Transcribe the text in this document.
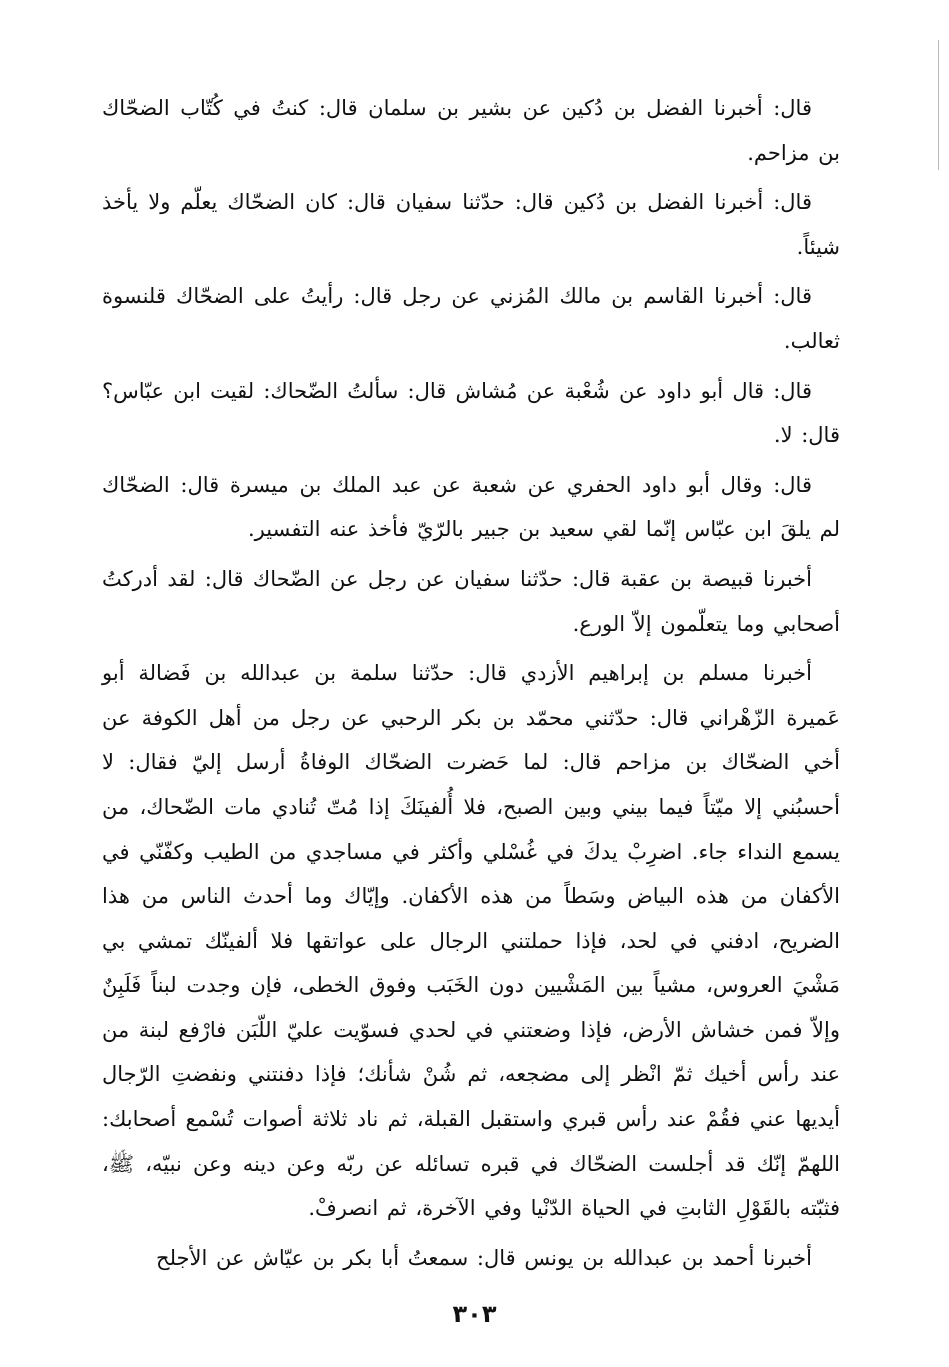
قال: أخبرنا الفضل بن دُكين عن بشير بن سلمان قال: كنتُ في كُتّاب الضحّاك بن مزاحم.

قال: أخبرنا الفضل بن دُكين قال: حدّثنا سفيان قال: كان الضحّاك يعلّم ولا يأخذ شيئاً.

قال: أخبرنا القاسم بن مالك المُزني عن رجل قال: رأيتُ على الضحّاك قلنسوة ثعالب.

قال: قال أبو داود عن شُعْبة عن مُشاش قال: سألتُ الضّحاك: لقيت ابن عبّاس؟ قال: لا.

قال: وقال أبو داود الحفري عن شعبة عن عبد الملك بن ميسرة قال: الضحّاك لم يلقَ ابن عبّاس إنّما لقي سعيد بن جبير بالرّيّ فأخذ عنه التفسير.

أخبرنا قبيصة بن عقبة قال: حدّثنا سفيان عن رجل عن الضّحاك قال: لقد أدركتُ أصحابي وما يتعلّمون إلاّ الورع.

أخبرنا مسلم بن إبراهيم الأزدي قال: حدّثنا سلمة بن عبدالله بن فَضالة أبو عَميرة الزّهْراني قال: حدّثني محمّد بن بكر الرحبي عن رجل من أهل الكوفة عن أخي الضحّاك بن مزاحم قال: لما حَضرت الضحّاك الوفاةُ أرسل إليّ فقال: لا أحسبُني إلا ميّتاً فيما بيني وبين الصبح، فلا أُلفينَكَ إذا مُتّ تُنادي مات الضّحاك، من يسمع النداء جاء. اضرِبْ يدكَ في غُسْلي وأكثر في مساجدي من الطيب وكفّنّي في الأكفان من هذه البياض وسَطاً من هذه الأكفان. وإيّاك وما أحدث الناس من هذا الضريح، ادفني في لحد، فإذا حملتني الرجال على عواتقها فلا ألفينّك تمشي بي مَشْيَ العروس، مشياً بين المَشْيين دون الخَبَب وفوق الخطى، فإن وجدت لبناً فَلَبِنٌ وإلاّ فمن خشاش الأرض، فإذا وضعتني في لحدي فسوّيت عليّ اللّبَن فارْفع لبنة من عند رأس أخيك ثمّ انْظر إلى مضجعه، ثم شُنْ شأنك؛ فإذا دفنتني ونفضتِ الرّجال أيديها عني فقُمْ عند رأس قبري واستقبل القبلة، ثم ناد ثلاثة أصوات تُسْمع أصحابك: اللهمّ إنّك قد أجلست الضحّاك في قبره تسائله عن ربّه وعن دينه وعن نبيّه، ﷺ، فثبّته بالقَوْلِ الثابتِ في الحياة الدّنْيا وفي الآخرة، ثم انصرفْ.

أخبرنا أحمد بن عبدالله بن يونس قال: سمعتُ أبا بكر بن عيّاش عن الأجلح

٣٠٣
